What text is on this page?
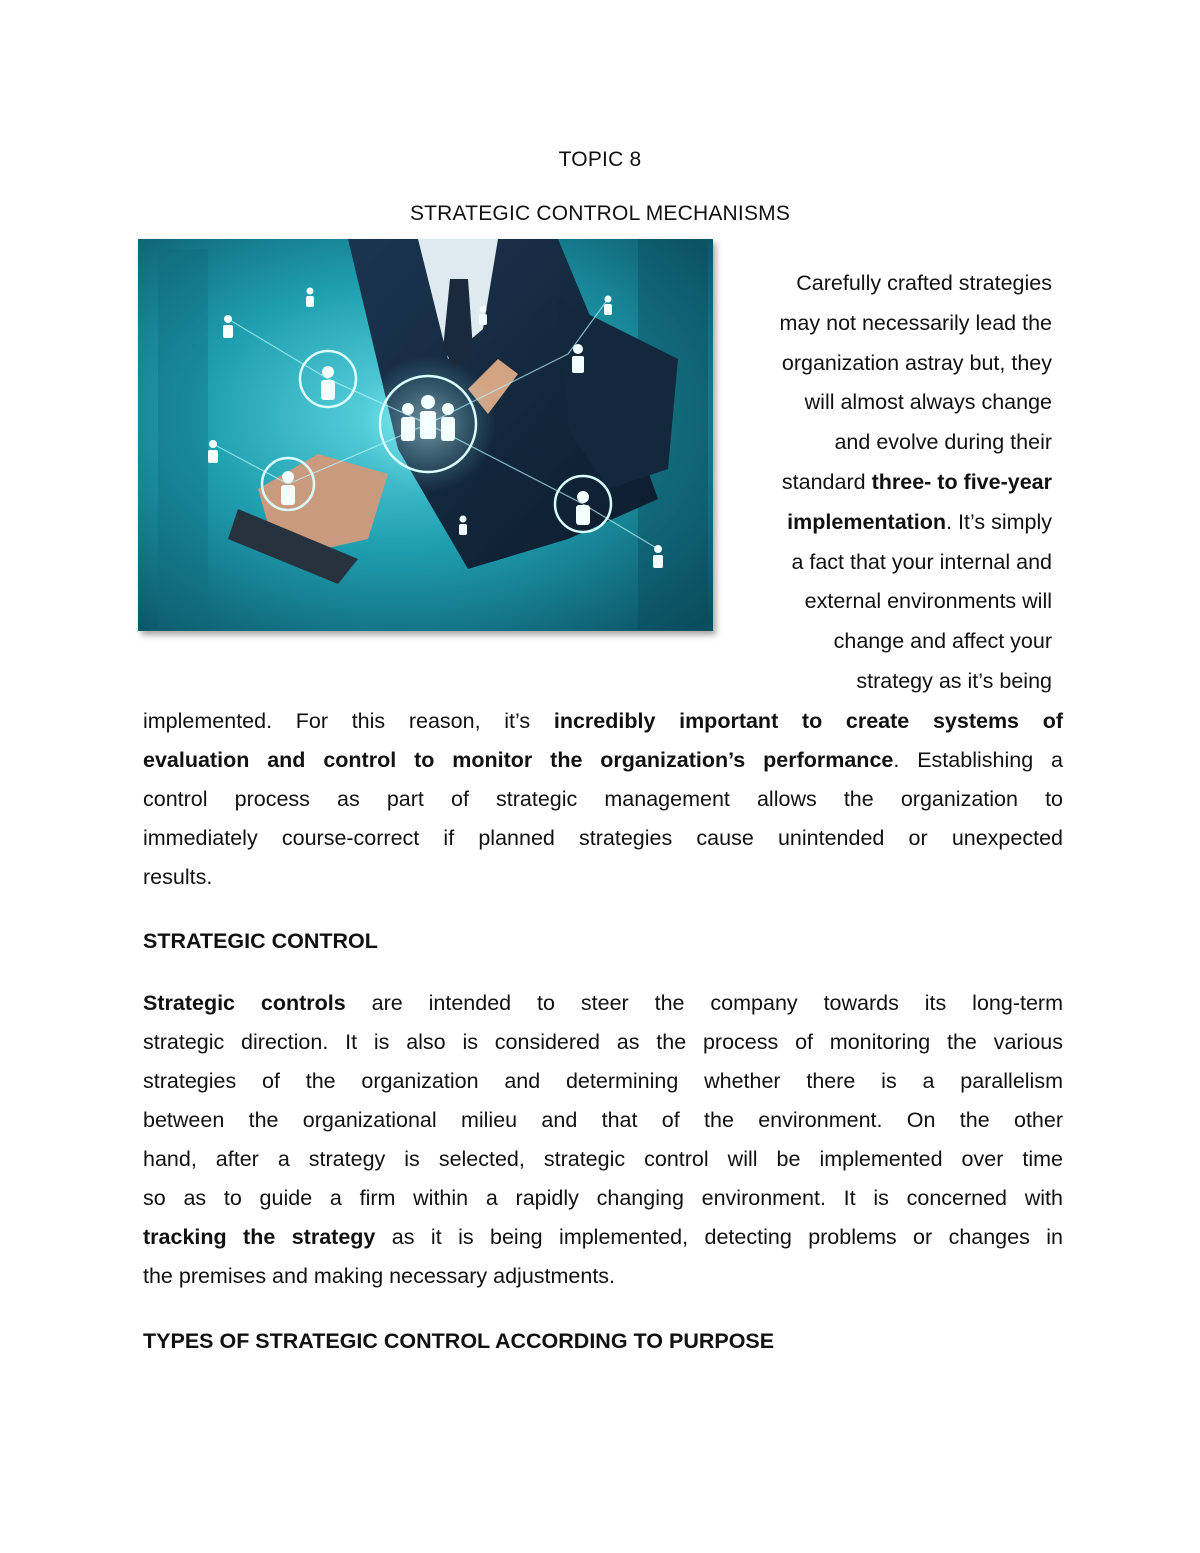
TOPIC 8
STRATEGIC CONTROL MECHANISMS
Carefully crafted strategies
may not necessarily lead the
organization astray but, they
will almost always change
and evolve during their
standard three- to five-year
implementation. It’s simply
a fact that your internal and
external environments will
change and affect your
strategy as it’s being
implemented. For this reason, it’s incredibly important to create systems of
evaluation and control to monitor the organization’s performance. Establishing a
control process as part of strategic management allows the organization to
immediately course-correct if planned strategies cause unintended or unexpected
results.
STRATEGIC CONTROL
Strategic controls are intended to steer the company towards its long-term
strategic direction. It is also is considered as the process of monitoring the various
strategies of the organization and determining whether there is a parallelism
between the organizational milieu and that of the environment. On the other
hand, after a strategy is selected, strategic control will be implemented over time
so as to guide a firm within a rapidly changing environment. It is concerned with
tracking the strategy as it is being implemented, detecting problems or changes in
the premises and making necessary adjustments.
TYPES OF STRATEGIC CONTROL ACCORDING TO PURPOSE
